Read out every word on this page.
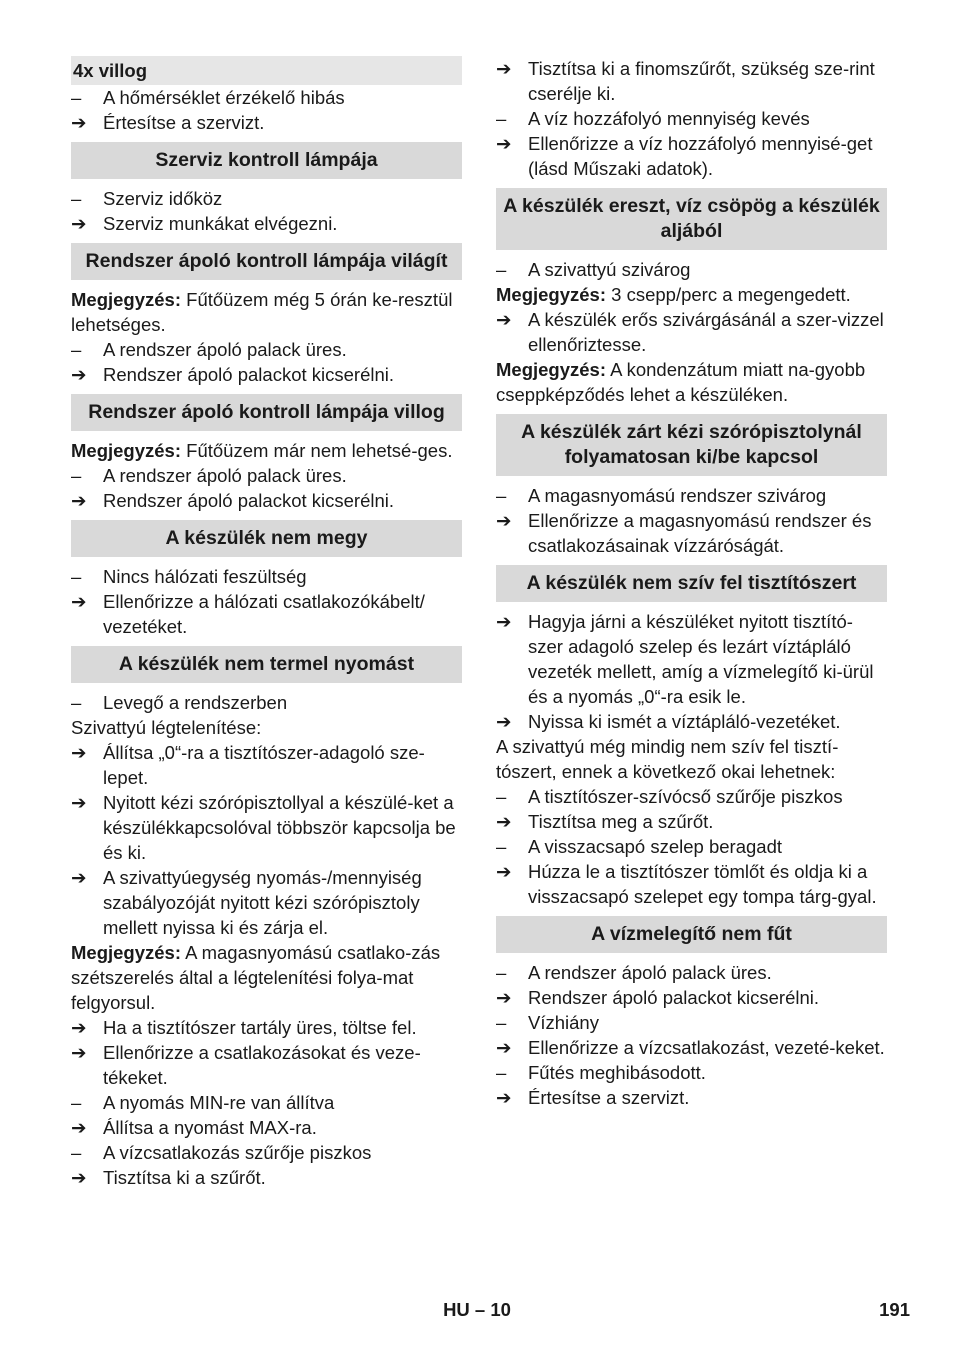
4x villog
–	A hőmérséklet érzékelő hibás
➔ Értesítse a szervizt.
Szerviz kontroll lámpája
–	Szerviz időköz
➔ Szerviz munkákat elvégezni.
Rendszer ápoló kontroll lámpája világít
Megjegyzés: Fűtőüzem még 5 órán ke-resztül lehetséges.
–	A rendszer ápoló palack üres.
➔ Rendszer ápoló palackot kicserélni.
Rendszer ápoló kontroll lámpája villog
Megjegyzés: Fűtőüzem már nem lehetsé-ges.
–	A rendszer ápoló palack üres.
➔ Rendszer ápoló palackot kicserélni.
A készülék nem megy
–	Nincs hálózati feszültség
➔ Ellenőrizze a hálózati csatlakozókábelt/ vezetéket.
A készülék nem termel nyomást
–	Levegő a rendszerben
Szivattyú légtelenítése:
➔ Állítsa „0“-ra a tisztítószer-adagoló sze-lepet.
➔ Nyitott kézi szórópisztollyal a készülé-ket a készülékkapcsolóval többször kapcsolja be és ki.
➔ A szivattyúegység nyomás-/mennyiség szabályozóját nyitott kézi szórópisztoly mellett nyissa ki és zárja el.
Megjegyzés: A magasnyomású csatlako-zás szétszerelés által a légtelenítési folya-mat felgyorsul.
➔ Ha a tisztítószer tartály üres, töltse fel.
➔ Ellenőrizze a csatlakozásokat és veze-tékeket.
–	A nyomás MIN-re van állítva
➔ Állítsa a nyomást MAX-ra.
–	A vízcsatlakozás szűrője piszkos
➔ Tisztítsa ki a szűrőt.
➔ Tisztítsa ki a finomszűrőt, szükség sze-rint cserélje ki.
–	A víz hozzáfolyó mennyiség kevés
➔ Ellenőrizze a víz hozzáfolyó mennyisé-get (lásd Műszaki adatok).
A készülék ereszt, víz csöpög a készülék aljából
–	A szivattyú szivárog
Megjegyzés: 3 csepp/perc a megengedett.
➔ A készülék erős szivárgásánál a szer-vizzel ellenőriztesse.
Megjegyzés: A kondenzátum miatt na-gyobb cseppképződés lehet a készüléken.
A készülék zárt kézi szórópisztolynál folyamatosan ki/be kapcsol
–	A magasnyomású rendszer szivárog
➔ Ellenőrizze a magasnyomású rendszer és csatlakozásainak vízzáróságát.
A készülék nem szív fel tisztítószert
➔ Hagyja járni a készüléket nyitott tisztító-szer adagoló szelep és lezárt víztápláló vezeték mellett, amíg a vízmelegítő ki-ürül és a nyomás „0“-ra esik le.
➔ Nyissa ki ismét a víztápláló-vezetéket.
A szivattyú még mindig nem szív fel tisztí-tószert, ennek a következő okai lehetnek:
–	A tisztítószer-szívócső szűrője piszkos
➔ Tisztítsa meg a szűrőt.
–	A visszacsapó szelep beragadt
➔ Húzza le a tisztítószer tömlőt és oldja ki a visszacsapó szelepet egy tompa tárg-gyal.
A vízmelegítő nem fűt
–	A rendszer ápoló palack üres.
➔ Rendszer ápoló palackot kicserélni.
–	Vízhiány
➔ Ellenőrizze a vízcsatlakozást, vezeté-keket.
–	Fűtés meghibásodott.
➔ Értesítse a szervizt.
HU – 10	191
